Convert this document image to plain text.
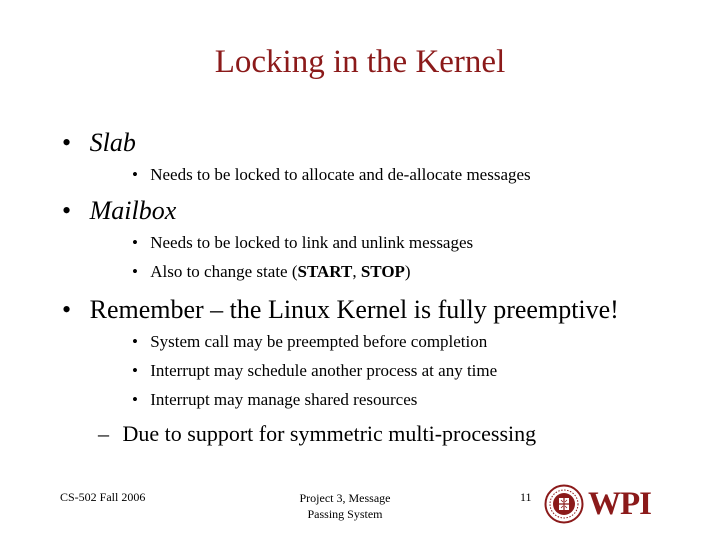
Locking in the Kernel
• Slab
• Needs to be locked to allocate and de-allocate messages
• Mailbox
• Needs to be locked to link and unlink messages
• Also to change state (START, STOP)
• Remember – the Linux Kernel is fully preemptive!
• System call may be preempted before completion
• Interrupt may schedule another process at any time
• Interrupt may manage shared resources
– Due to support for symmetric multi-processing
CS-502 Fall 2006	Project 3, Message
Passing System
11 WPI
